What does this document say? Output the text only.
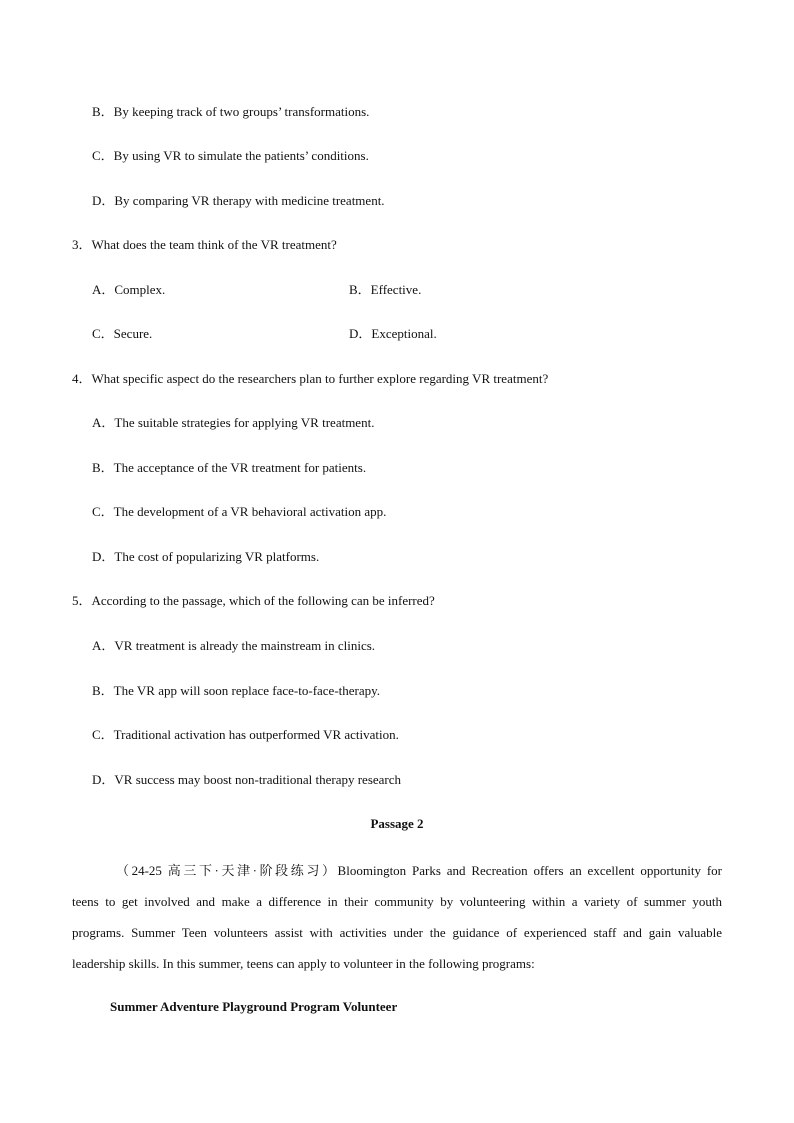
B．By keeping track of two groups’ transformations.
C．By using VR to simulate the patients’ conditions.
D．By comparing VR therapy with medicine treatment.
3．What does the team think of the VR treatment?
A．Complex.	B．Effective.
C．Secure.	D．Exceptional.
4．What specific aspect do the researchers plan to further explore regarding VR treatment?
A．The suitable strategies for applying VR treatment.
B．The acceptance of the VR treatment for patients.
C．The development of a VR behavioral activation app.
D．The cost of popularizing VR platforms.
5．According to the passage, which of the following can be inferred?
A．VR treatment is already the mainstream in clinics.
B．The VR app will soon replace face-to-face-therapy.
C．Traditional activation has outperformed VR activation.
D．VR success may boost non-traditional therapy research
Passage 2
（24-25 高三下·天津·阶段练习）Bloomington Parks and Recreation offers an excellent opportunity for
teens to get involved and make a difference in their community by volunteering within a variety of summer youth
programs. Summer Teen volunteers assist with activities under the guidance of experienced staff and gain valuable
leadership skills. In this summer, teens can apply to volunteer in the following programs:
Summer Adventure Playground Program Volunteer
